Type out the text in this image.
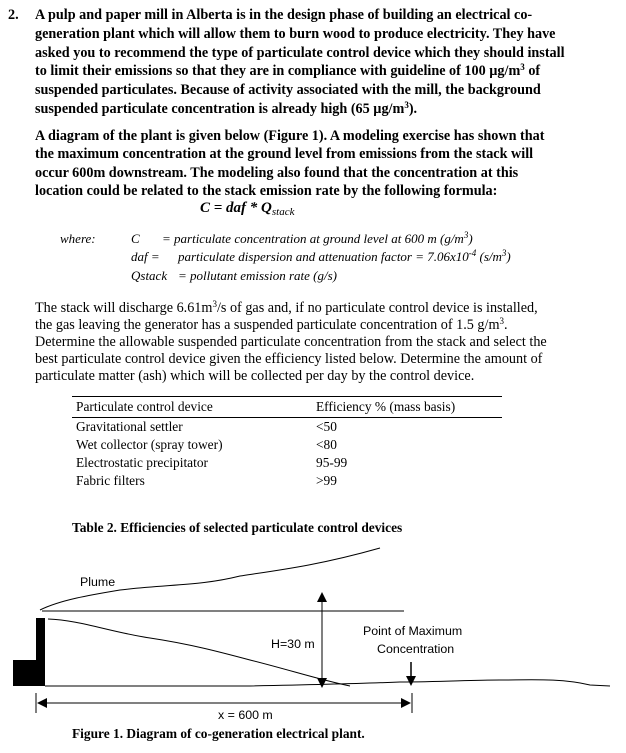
2. A pulp and paper mill in Alberta is in the design phase of building an electrical co-
generation plant which will allow them to burn wood to produce electricity. They have
asked you to recommend the type of particulate control device which they should install
to limit their emissions so that they are in compliance with guideline of 100 $\mu g/m^3$ of
suspended particulates. Because of activity associated with the mill, the background
suspended particulate concentration is already high (65 $\mu g/m^3$).
A diagram of the plant is given below (Figure 1). A modeling exercise has shown that
the maximum concentration at the ground level from emissions from the stack will
occur 600m downstream. The modeling also found that the concentration at this
location could be related to the stack emission rate by the following formula:
C = daf * $Q_{stack}$
where:	C = particulate concentration at ground level at 600 m $(g/m^3)$
daf = particulate dispersion and attenuation factor = $7.06x10^{-4}$ $(s/m^3)$
Qstack = pollutant emission rate (g/s)
The stack will discharge $6.61m^3/s$ of gas and, if no particulate control device is installed,
the gas leaving the generator has a suspended particulate concentration of 1.5 $g/m^3$.
Determine the allowable suspended particulate concentration from the stack and select the
best particulate control device given the efficiency listed below. Determine the amount of
particulate matter (ash) which will be collected per day by the control device.
Particulate control device	Efficiency % (mass basis)
Gravitational settler	<50
Wet collector (spray tower)	<80
Electrostatic precipitator	95-99
Fabric filters	>99
Table 2. Efficiencies of selected particulate control devices
Plume
H=30 m
Point of Maximum
Concentration
x = 600 m
Figure 1. Diagram of co-generation electrical plant.
